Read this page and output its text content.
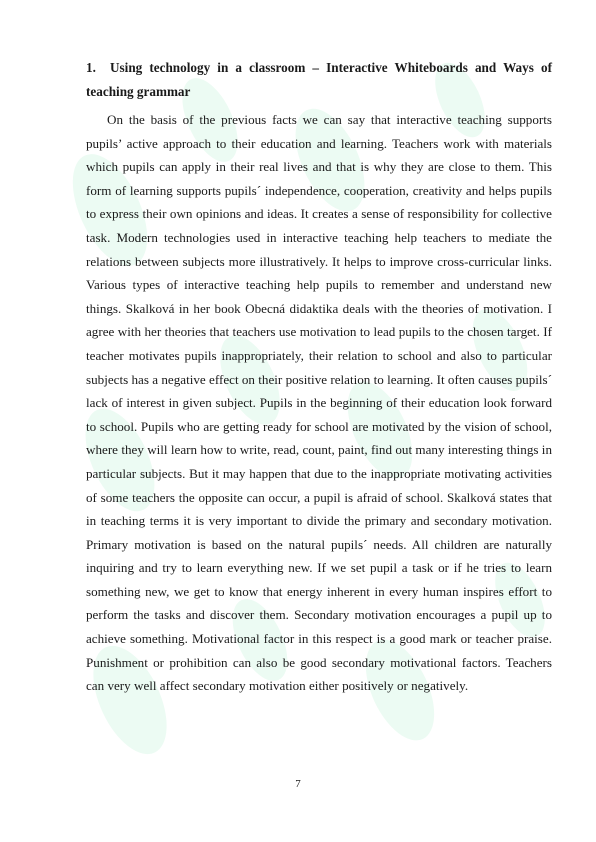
1. Using technology in a classroom – Interactive Whiteboards and Ways of teaching grammar

On the basis of the previous facts we can say that interactive teaching supports pupils’ active approach to their education and learning. Teachers work with materials which pupils can apply in their real lives and that is why they are close to them. This form of learning supports pupils´ independence, cooperation, creativity and helps pupils to express their own opinions and ideas. It creates a sense of responsibility for collective task. Modern technologies used in interactive teaching help teachers to mediate the relations between subjects more illustratively. It helps to improve cross-curricular links. Various types of interactive teaching help pupils to remember and understand new things. Skalková in her book Obecná didaktika deals with the theories of motivation. I agree with her theories that teachers use motivation to lead pupils to the chosen target. If teacher motivates pupils inappropriately, their relation to school and also to particular subjects has a negative effect on their positive relation to learning. It often causes pupils´ lack of interest in given subject. Pupils in the beginning of their education look forward to school. Pupils who are getting ready for school are motivated by the vision of school, where they will learn how to write, read, count, paint, find out many interesting things in particular subjects. But it may happen that due to the inappropriate motivating activities of some teachers the opposite can occur, a pupil is afraid of school. Skalková states that in teaching terms it is very important to divide the primary and secondary motivation. Primary motivation is based on the natural pupils´ needs. All children are naturally inquiring and try to learn everything new. If we set pupil a task or if he tries to learn something new, we get to know that energy inherent in every human inspires effort to perform the tasks and discover them. Secondary motivation encourages a pupil up to achieve something. Motivational factor in this respect is a good mark or teacher praise. Punishment or prohibition can also be good secondary motivational factors. Teachers can very well affect secondary motivation either positively or negatively.

7
